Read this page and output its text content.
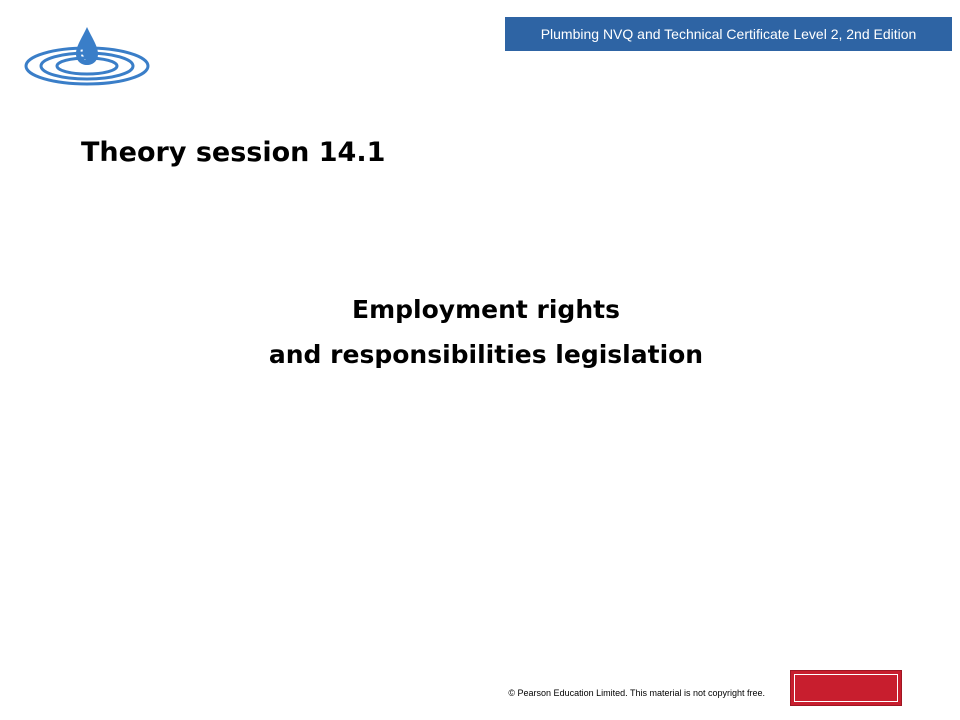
Plumbing NVQ and Technical Certificate Level 2, 2nd Edition
Theory session 14.1
Employment rights
and responsibilities legislation
© Pearson Education Limited. This material is not copyright free.
